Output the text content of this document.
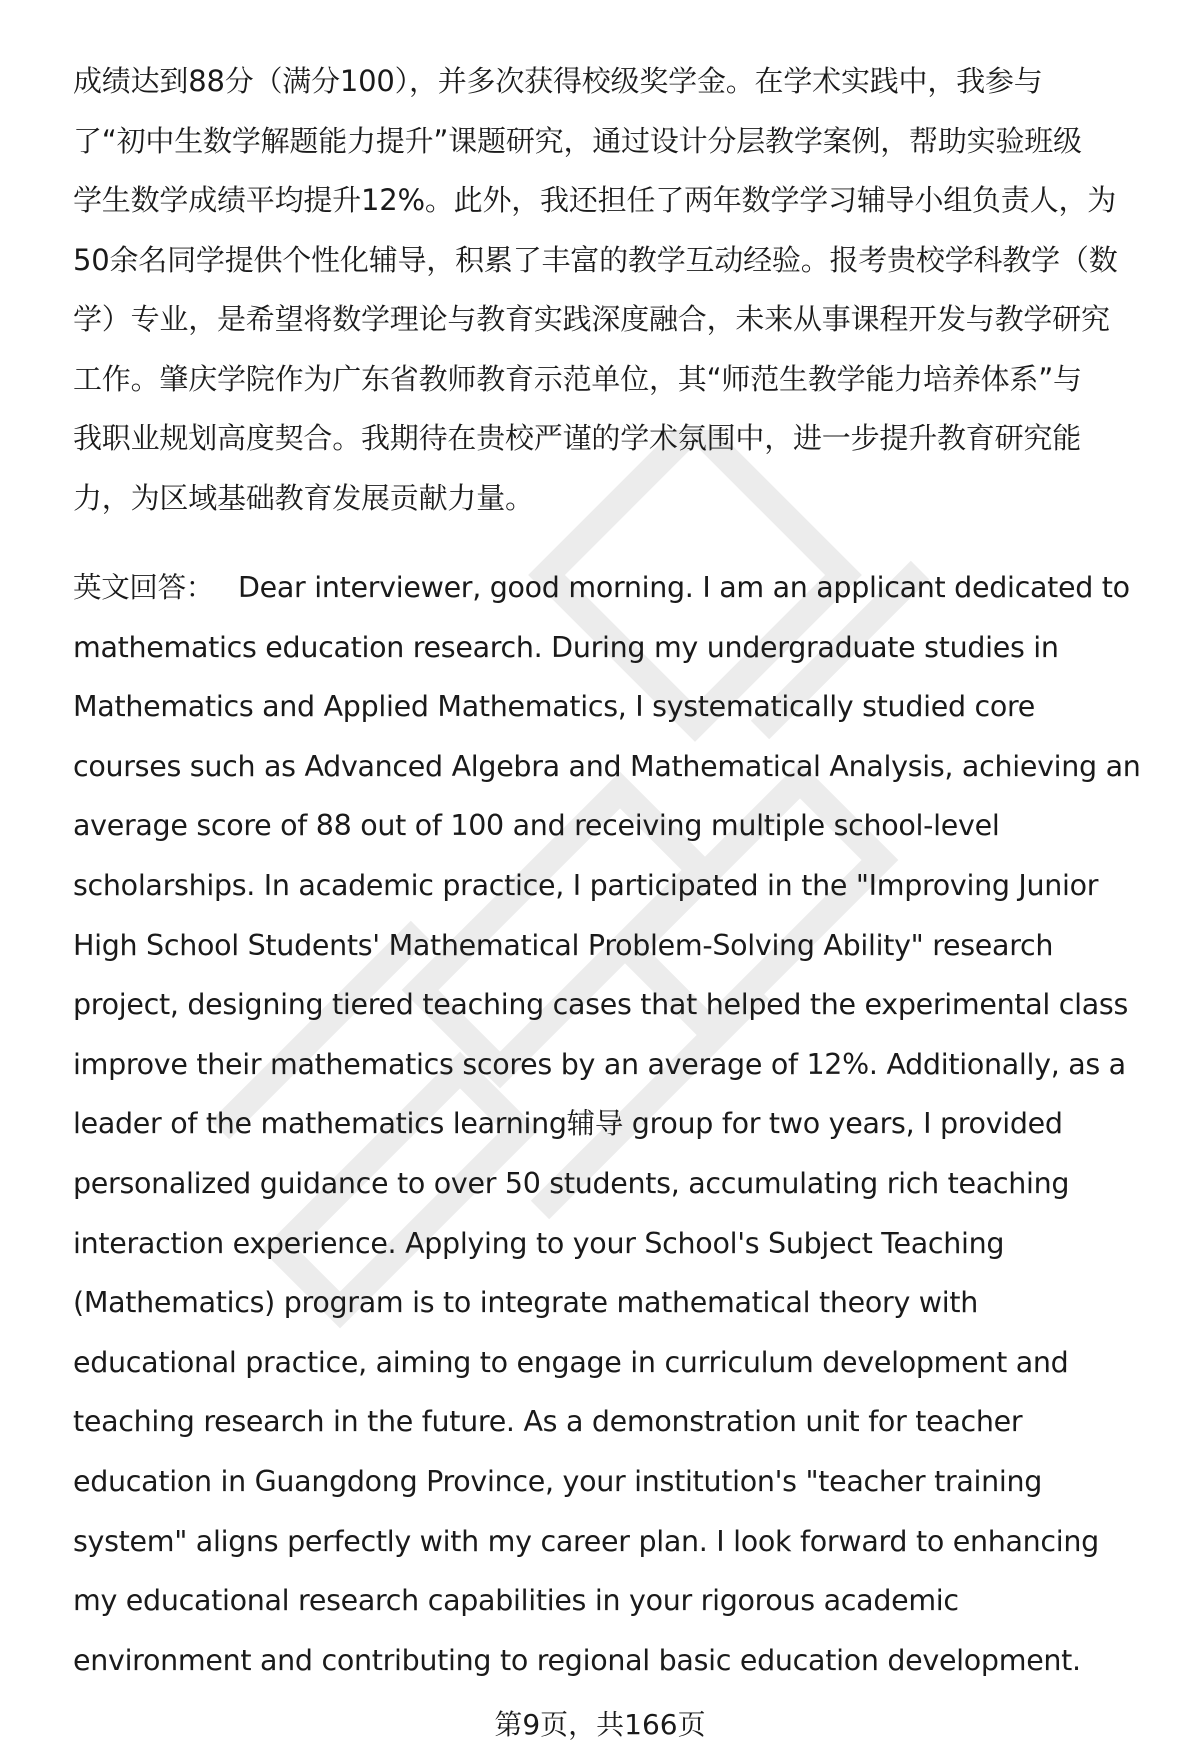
成绩达到88分（满分100），并多次获得校级奖学金。在学术实践中，我参与
了“初中生数学解题能力提升”课题研究，通过设计分层教学案例，帮助实验班级
学生数学成绩平均提升12%。此外，我还担任了两年数学学习辅导小组负责人，为
50余名同学提供个性化辅导，积累了丰富的教学互动经验。报考贵校学科教学（数
学）专业，是希望将数学理论与教育实践深度融合，未来从事课程开发与教学研究
工作。肇庆学院作为广东省教师教育示范单位，其“师范生教学能力培养体系”与
我职业规划高度契合。我期待在贵校严谨的学术氛围中，进一步提升教育研究能
力，为区域基础教育发展贡献力量。
英文回答： Dear interviewer, good morning. I am an applicant dedicated to
mathematics education research. During my undergraduate studies in
Mathematics and Applied Mathematics, I systematically studied core
courses such as Advanced Algebra and Mathematical Analysis, achieving an
average score of 88 out of 100 and receiving multiple school-level
scholarships. In academic practice, I participated in the "Improving Junior
High School Students' Mathematical Problem-Solving Ability" research
project, designing tiered teaching cases that helped the experimental class
improve their mathematics scores by an average of 12%. Additionally, as a
leader of the mathematics learning辅导 group for two years, I provided
personalized guidance to over 50 students, accumulating rich teaching
interaction experience. Applying to your School's Subject Teaching
(Mathematics) program is to integrate mathematical theory with
educational practice, aiming to engage in curriculum development and
teaching research in the future. As a demonstration unit for teacher
education in Guangdong Province, your institution's "teacher training
system" aligns perfectly with my career plan. I look forward to enhancing
my educational research capabilities in your rigorous academic
environment and contributing to regional basic education development.
第9页，共166页
